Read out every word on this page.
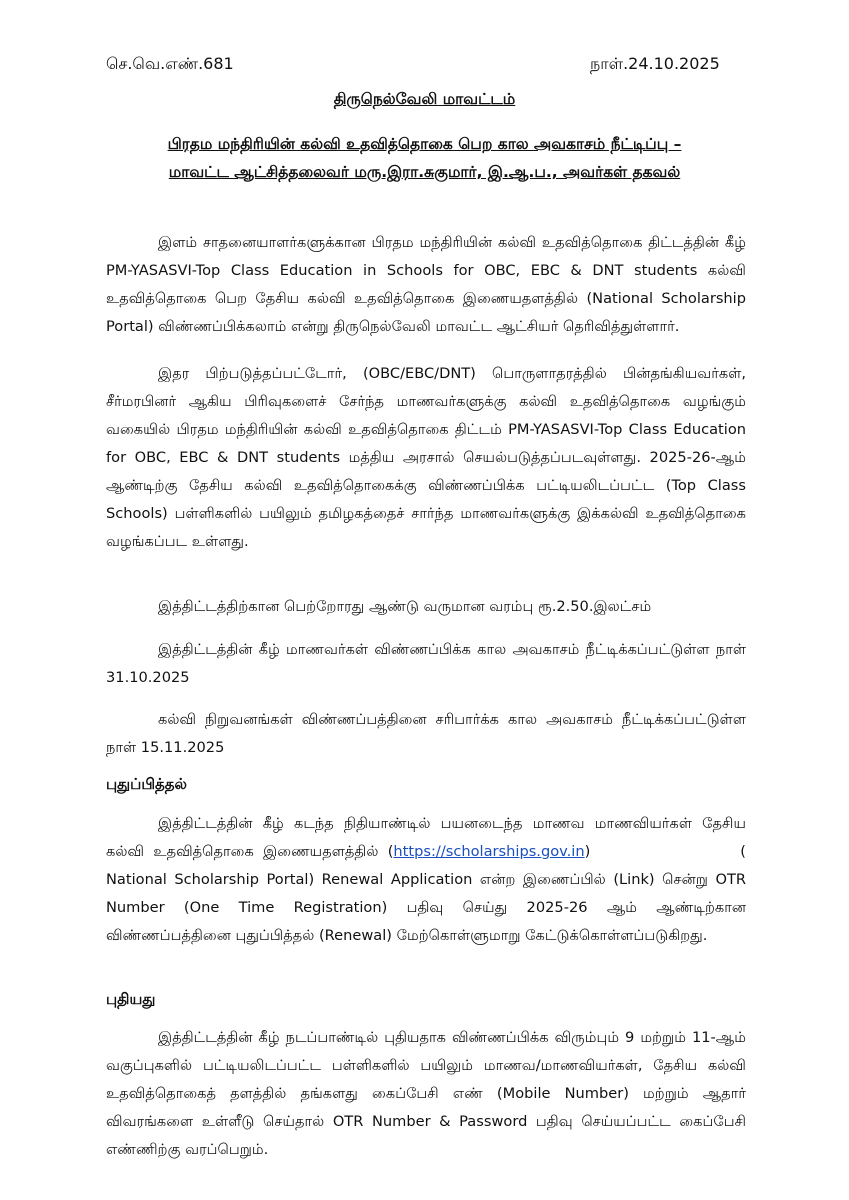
செ.வெ.எண்.681	நாள்.24.10.2025
திருநெல்வேலி மாவட்டம்
பிரதம மந்திரியின் கல்வி உதவித்தொகை பெற கால அவகாசம் நீட்டிப்பு –
மாவட்ட ஆட்சித்தலைவர் மரு.இரா.சுகுமார், இ.ஆ.ப., அவர்கள் தகவல்

இளம் சாதனையாளர்களுக்கான பிரதம மந்திரியின் கல்வி உதவித்தொகை திட்டத்தின் கீழ் PM-YASASVI-Top Class Education in Schools for OBC, EBC & DNT students கல்வி உதவித்தொகை பெற தேசிய கல்வி உதவித்தொகை இணையதளத்தில் (National Scholarship Portal) விண்ணப்பிக்கலாம் என்று திருநெல்வேலி மாவட்ட ஆட்சியர் தெரிவித்துள்ளார்.

இதர பிற்படுத்தப்பட்டோர், (OBC/EBC/DNT) பொருளாதரத்தில் பின்தங்கியவர்கள், சீர்மரபினர் ஆகிய பிரிவுகளைச் சேர்ந்த மாணவர்களுக்கு கல்வி உதவித்தொகை வழங்கும் வகையில் பிரதம மந்திரியின் கல்வி உதவித்தொகை திட்டம் PM-YASASVI-Top Class Education for OBC, EBC & DNT students மத்திய அரசால் செயல்படுத்தப்படவுள்ளது. 2025-26-ஆம் ஆண்டிற்கு தேசிய கல்வி உதவித்தொகைக்கு விண்ணப்பிக்க பட்டியலிடப்பட்ட (Top Class Schools) பள்ளிகளில் பயிலும் தமிழகத்தைச் சார்ந்த மாணவர்களுக்கு இக்கல்வி உதவித்தொகை வழங்கப்பட உள்ளது.

இத்திட்டத்திற்கான பெற்றோரது ஆண்டு வருமான வரம்பு ரூ.2.50.இலட்சம்

இத்திட்டத்தின் கீழ் மாணவர்கள் விண்ணப்பிக்க கால அவகாசம் நீட்டிக்கப்பட்டுள்ள நாள் 31.10.2025

கல்வி நிறுவனங்கள் விண்ணப்பத்தினை சரிபார்க்க கால அவகாசம் நீட்டிக்கப்பட்டுள்ள நாள் 15.11.2025

புதுப்பித்தல்

இத்திட்டத்தின் கீழ் கடந்த நிதியாண்டில் பயனடைந்த மாணவ மாணவியர்கள் தேசிய கல்வி உதவித்தொகை இணையதளத்தில் (https://scholarships.gov.in)	( National Scholarship Portal) Renewal Application என்ற இணைப்பில் (Link) சென்று OTR Number (One Time Registration) பதிவு செய்து 2025-26 ஆம் ஆண்டிற்கான விண்ணப்பத்தினை புதுப்பித்தல் (Renewal) மேற்கொள்ளுமாறு கேட்டுக்கொள்ளப்படுகிறது.

புதியது

இத்திட்டத்தின் கீழ் நடப்பாண்டில் புதியதாக விண்ணப்பிக்க விரும்பும் 9 மற்றும் 11-ஆம் வகுப்புகளில் பட்டியலிடப்பட்ட பள்ளிகளில் பயிலும் மாணவ/மாணவியர்கள், தேசிய கல்வி உதவித்தொகைத் தளத்தில் தங்களது கைப்பேசி எண் (Mobile Number) மற்றும் ஆதார் விவரங்களை உள்ளீடு செய்தால் OTR Number & Password பதிவு செய்யப்பட்ட கைப்பேசி எண்ணிற்கு வரப்பெறும்.
